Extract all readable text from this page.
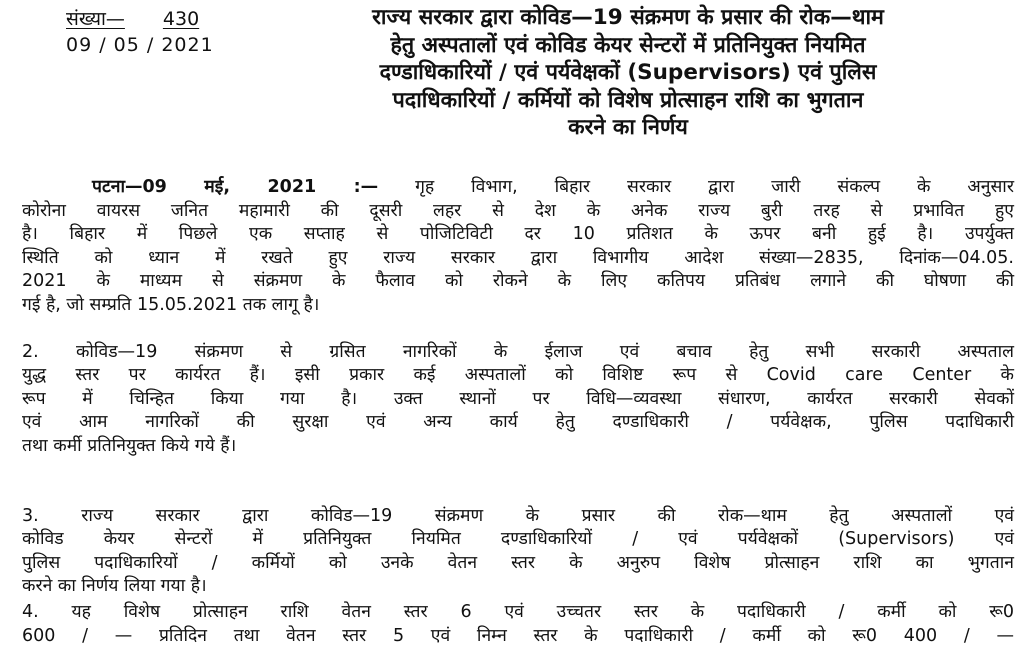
संख्या— 430
09 / 05 / 2021
राज्य सरकार द्वारा कोविड—19 संक्रमण के प्रसार की रोक—थाम
हेतु अस्पतालों एवं कोविड केयर सेन्टरों में प्रतिनियुक्त नियमित
दण्डाधिकारियों / एवं पर्यवेक्षकों (Supervisors) एवं पुलिस
पदाधिकारियों / कर्मियों को विशेष प्रोत्साहन राशि का भुगतान
करने का निर्णय

पटना—09 मई, 2021 :— गृह विभाग, बिहार सरकार द्वारा जारी संकल्प के अनुसार
कोरोना वायरस जनित महामारी की दूसरी लहर से देश के अनेक राज्य बुरी तरह से प्रभावित हुए
है। बिहार में पिछले एक सप्ताह से पोजिटिविटी दर 10 प्रतिशत के ऊपर बनी हुई है। उपर्युक्त
स्थिति को ध्यान में रखते हुए राज्य सरकार द्वारा विभागीय आदेश संख्या—2835, दिनांक—04.05.
2021 के माध्यम से संक्रमण के फैलाव को रोकने के लिए कतिपय प्रतिबंध लगाने की घोषणा की
गई है, जो सम्प्रति 15.05.2021 तक लागू है।

2. कोविड—19 संक्रमण से ग्रसित नागरिकों के ईलाज एवं बचाव हेतु सभी सरकारी अस्पताल
युद्ध स्तर पर कार्यरत हैं। इसी प्रकार कई अस्पतालों को विशिष्ट रूप से Covid care Center के
रूप में चिन्हित किया गया है। उक्त स्थानों पर विधि—व्यवस्था संधारण, कार्यरत सरकारी सेवकों
एवं आम नागरिकों की सुरक्षा एवं अन्य कार्य हेतु दण्डाधिकारी / पर्यवेक्षक, पुलिस पदाधिकारी
तथा कर्मी प्रतिनियुक्त किये गये हैं।

3. राज्य सरकार द्वारा कोविड—19 संक्रमण के प्रसार की रोक—थाम हेतु अस्पतालों एवं
कोविड केयर सेन्टरों में प्रतिनियुक्त नियमित दण्डाधिकारियों / एवं पर्यवेक्षकों (Supervisors) एवं
पुलिस पदाधिकारियों / कर्मियों को उनके वेतन स्तर के अनुरुप विशेष प्रोत्साहन राशि का भुगतान
करने का निर्णय लिया गया है।

4. यह विशेष प्रोत्साहन राशि वेतन स्तर 6 एवं उच्चतर स्तर के पदाधिकारी / कर्मी को रू0
600 / — प्रतिदिन तथा वेतन स्तर 5 एवं निम्न स्तर के पदाधिकारी / कर्मी को रू0 400 / —
